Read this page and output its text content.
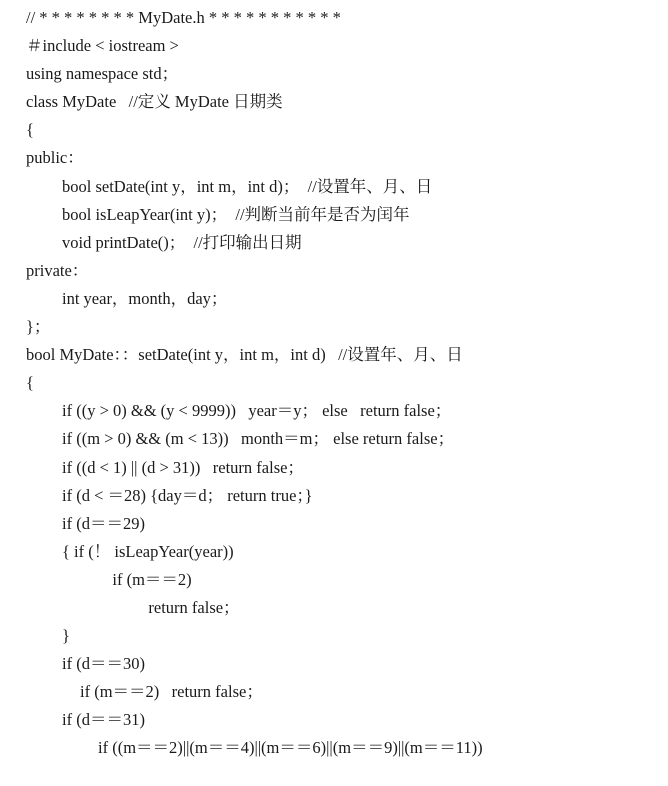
// * * * * * * * * MyDate.h * * * * * * * * * * *
＃include < iostream >
using namespace std；
class MyDate   //定义 MyDate 日期类
{
public：
bool setDate(int y，int m，int d)；  //设置年、月、日
bool isLeapYear(int y)；  //判断当前年是否为闰年
void printDate()；  //打印输出日期
private：
int year，month，day；
}；
bool MyDate：：setDate(int y，int m，int d)   //设置年、月、日
{
if ((y > 0) && (y < 9999))   year＝y； else   return false；
if ((m > 0) && (m < 13))   month＝m； else return false；
if ((d < 1) || (d > 31))   return false；
if (d < ＝28) {day＝d； return true；}
if (d＝＝29)
{ if (！ isLeapYear(year))
if (m＝＝2)
return false；
}
if (d＝＝30)
if (m＝＝2)   return false；
if (d＝＝31)
if ((m＝＝2)||(m＝＝4)||(m＝＝6)||(m＝＝9)||(m＝＝11))
